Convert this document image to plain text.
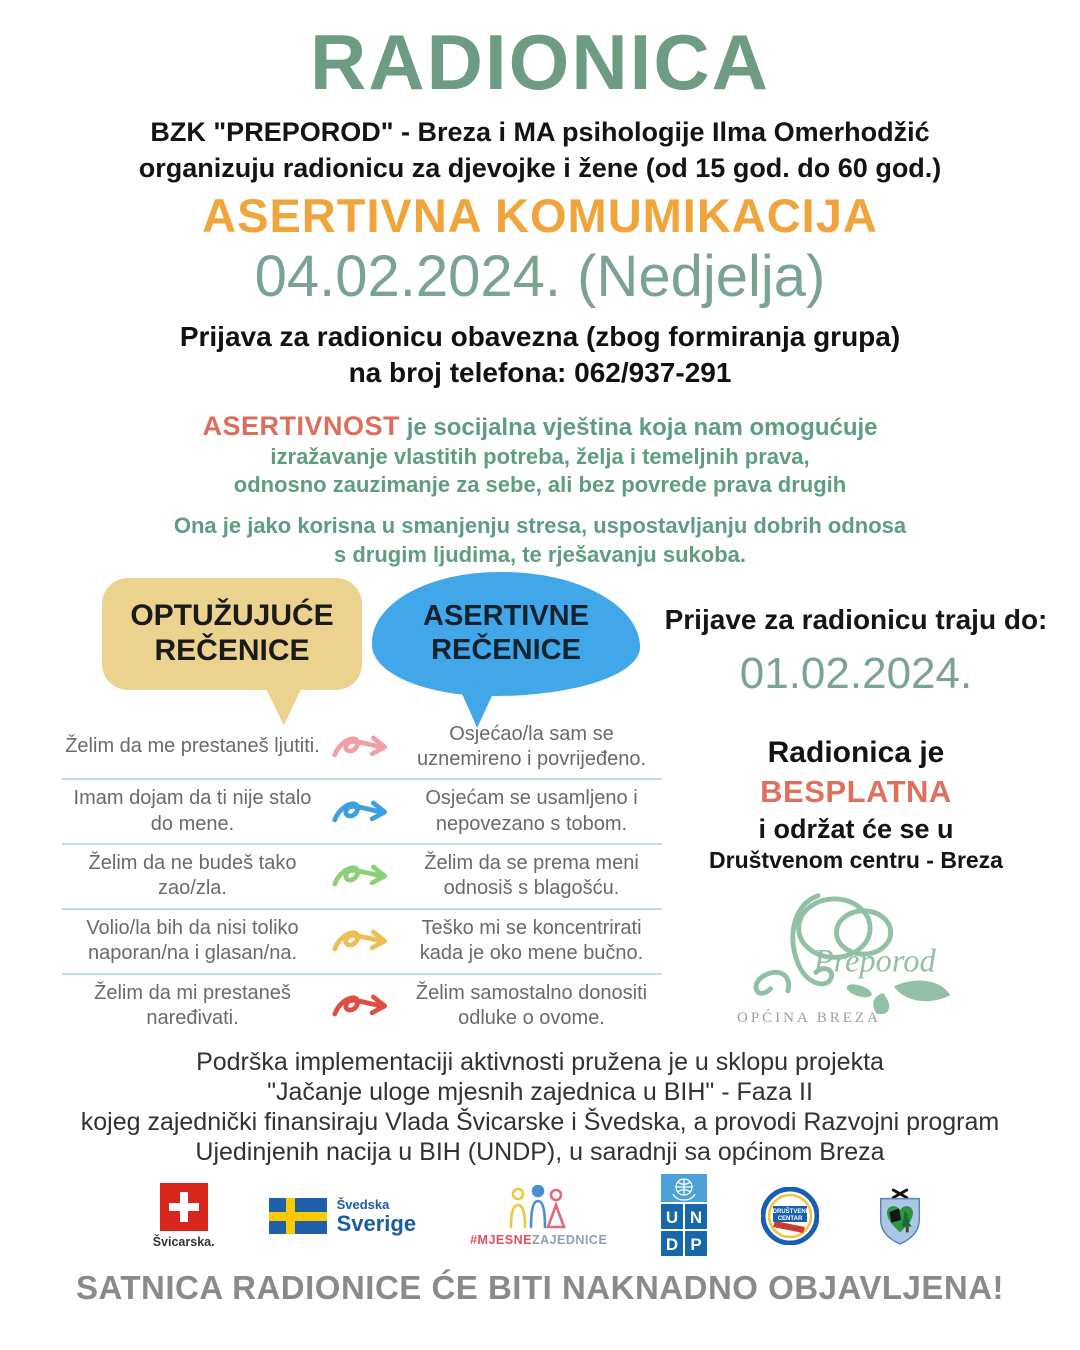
RADIONICA
BZK "PREPOROD" - Breza i MA psihologije Ilma Omerhodžić
organizuju radionicu za djevojke i žene (od 15 god. do 60 god.)
ASERTIVNA KOMUMIKACIJA
04.02.2024. (Nedjelja)
Prijava za radionicu obavezna (zbog formiranja grupa)
na broj telefona: 062/937-291
ASERTIVNOST je socijalna vještina koja nam omogućuje
izražavanje vlastitih potreba, želja i temeljnih prava,
odnosno zauzimanje za sebe, ali bez povrede prava drugih
Ona je jako korisna u smanjenju stresa, uspostavljanju dobrih odnosa
s drugim ljudima, te rješavanju sukoba.
OPTUŽUJUĆE REČENICE
ASERTIVNE REČENICE
Želim da me prestaneš ljutiti.
Osjećao/la sam se uznemireno i povrijeđeno.
Imam dojam da ti nije stalo do mene.
Osjećam se usamljeno i nepovezano s tobom.
Želim da ne budeš tako zao/zla.
Želim da se prema meni odnosiš s blagošću.
Volio/la bih da nisi toliko naporan/na i glasan/na.
Teško mi se koncentrirati kada je oko mene bučno.
Želim da mi prestaneš naređivati.
Želim samostalno donositi odluke o ovome.
Prijave za radionicu traju do:
01.02.2024.
Radionica je
BESPLATNA
i održat će se u
Društvenom centru - Breza
Preporod
OPĆINA BREZA
Podrška implementaciji aktivnosti pružena je u sklopu projekta
"Jačanje uloge mjesnih zajednica u BIH" - Faza II
kojeg zajednički finansiraju Vlada Švicarske i Švedska, a provodi Razvojni program
Ujedinjenih nacija u BIH (UNDP), u saradnji sa općinom Breza
Švicarska.
Švedska
Sverige
#MJESNEZAJEDNICE
U N
D P
DRUŠTVENI
CENTAR
SATNICA RADIONICE ĆE BITI NAKNADNO OBJAVLJENA!
